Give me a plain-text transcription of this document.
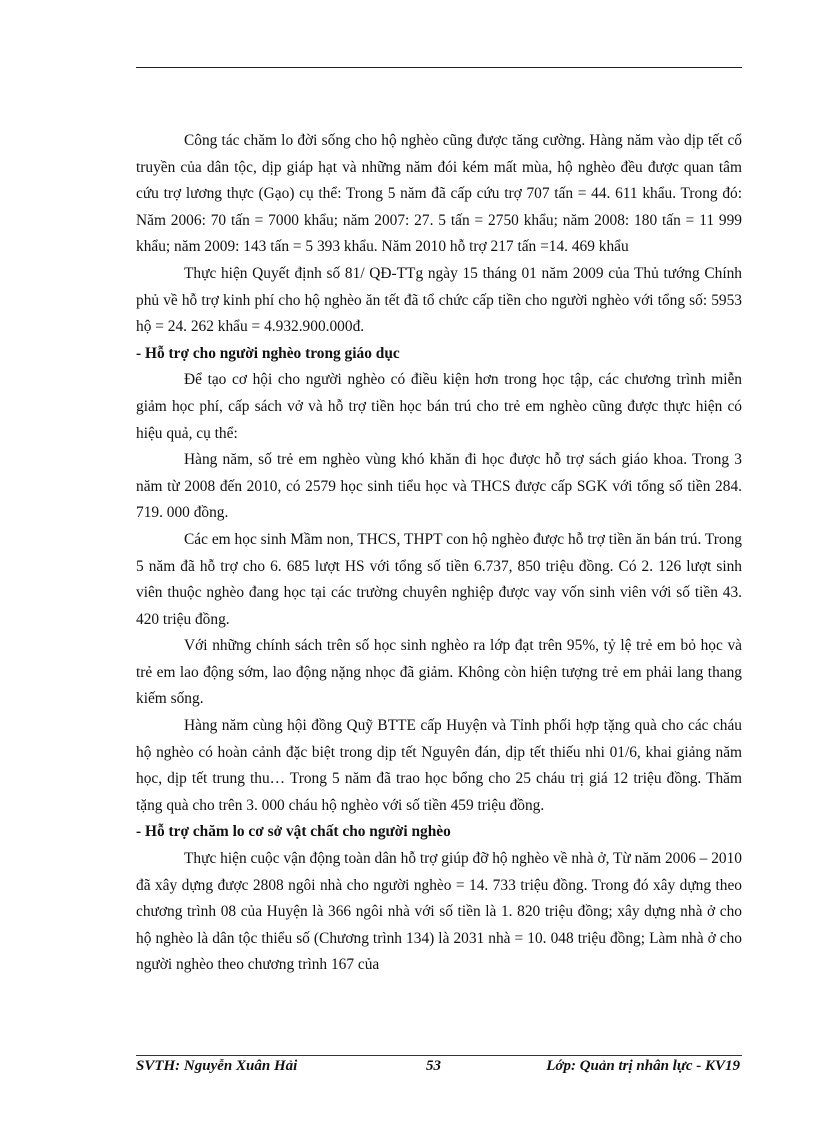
Công tác chăm lo đời sống cho hộ nghèo cũng được tăng cường. Hàng năm vào dịp tết cổ truyền của dân tộc, dịp giáp hạt và những năm đói kém mất mùa, hộ nghèo đều được quan tâm cứu trợ lương thực (Gạo) cụ thể: Trong 5 năm đã cấp cứu trợ 707 tấn = 44. 611 khẩu. Trong đó: Năm 2006: 70 tấn = 7000 khẩu; năm 2007: 27. 5 tấn = 2750 khẩu; năm 2008: 180 tấn = 11 999 khẩu; năm 2009: 143 tấn = 5 393 khẩu. Năm 2010 hỗ trợ 217 tấn =14. 469 khẩu

Thực hiện Quyết định số 81/ QĐ-TTg ngày 15 tháng 01 năm 2009 của Thủ tướng Chính phủ về hỗ trợ kinh phí cho hộ nghèo ăn tết đã tổ chức cấp tiền cho người nghèo với tổng số: 5953 hộ = 24. 262 khẩu = 4.932.900.000đ.

- Hỗ trợ cho người nghèo trong giáo dục

Để tạo cơ hội cho người nghèo có điều kiện hơn trong học tập, các chương trình miễn giảm học phí, cấp sách vở và hỗ trợ tiền học bán trú cho trẻ em nghèo cũng được thực hiện có hiệu quả, cụ thể:

Hàng năm, số trẻ em nghèo vùng khó khăn đi học được hỗ trợ sách giáo khoa. Trong 3 năm từ 2008 đến 2010, có 2579 học sinh tiểu học và THCS được cấp SGK với tổng số tiền 284. 719. 000 đồng.

Các em học sinh Mầm non, THCS, THPT con hộ nghèo được hỗ trợ tiền ăn bán trú. Trong 5 năm đã hỗ trợ cho 6. 685 lượt HS với tổng số tiền 6.737, 850 triệu đồng. Có 2. 126 lượt sinh viên thuộc nghèo đang học tại các trường chuyên nghiệp được vay vốn sinh viên với số tiền 43. 420 triệu đồng.

Với những chính sách trên số học sinh nghèo ra lớp đạt trên 95%, tỷ lệ trẻ em bỏ học và trẻ em lao động sớm, lao động nặng nhọc đã giảm. Không còn hiện tượng trẻ em phải lang thang kiếm sống.

Hàng năm cùng hội đồng Quỹ BTTE cấp Huyện và Tỉnh phối hợp tặng quà cho các cháu hộ nghèo có hoàn cảnh đặc biệt trong dịp tết Nguyên đán, dịp tết thiếu nhi 01/6, khai giảng năm học, dịp tết trung thu… Trong 5 năm đã trao học bổng cho 25 cháu trị giá 12 triệu đồng. Thăm tặng quà cho trên 3. 000 cháu hộ nghèo với số tiền 459 triệu đồng.

- Hỗ trợ chăm lo cơ sở vật chất cho người nghèo

Thực hiện cuộc vận động toàn dân hỗ trợ giúp đỡ hộ nghèo về nhà ở, Từ năm 2006 – 2010 đã xây dựng được 2808 ngôi nhà cho người nghèo = 14. 733 triệu đồng. Trong đó xây dựng theo chương trình 08 của Huyện là 366 ngôi nhà với số tiền là 1. 820 triệu đồng; xây dựng nhà ở cho hộ nghèo là dân tộc thiểu số (Chương trình 134) là 2031 nhà = 10. 048 triệu đồng; Làm nhà ở cho người nghèo theo chương trình 167 của

SVTH: Nguyễn Xuân Hải	53	Lớp: Quản trị nhân lực - KV19
